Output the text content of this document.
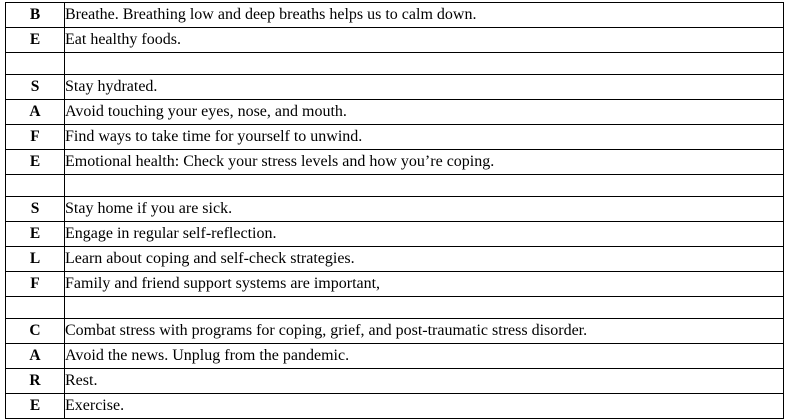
B	Breathe. Breathing low and deep breaths helps us to calm down.
E	Eat healthy foods.

S	Stay hydrated.
A	Avoid touching your eyes, nose, and mouth.
F	Find ways to take time for yourself to unwind.
E	Emotional health: Check your stress levels and how you’re coping.

S	Stay home if you are sick.
E	Engage in regular self-reflection.
L	Learn about coping and self-check strategies.
F	Family and friend support systems are important,

C	Combat stress with programs for coping, grief, and post-traumatic stress disorder.
A	Avoid the news. Unplug from the pandemic.
R	Rest.
E	Exercise.
